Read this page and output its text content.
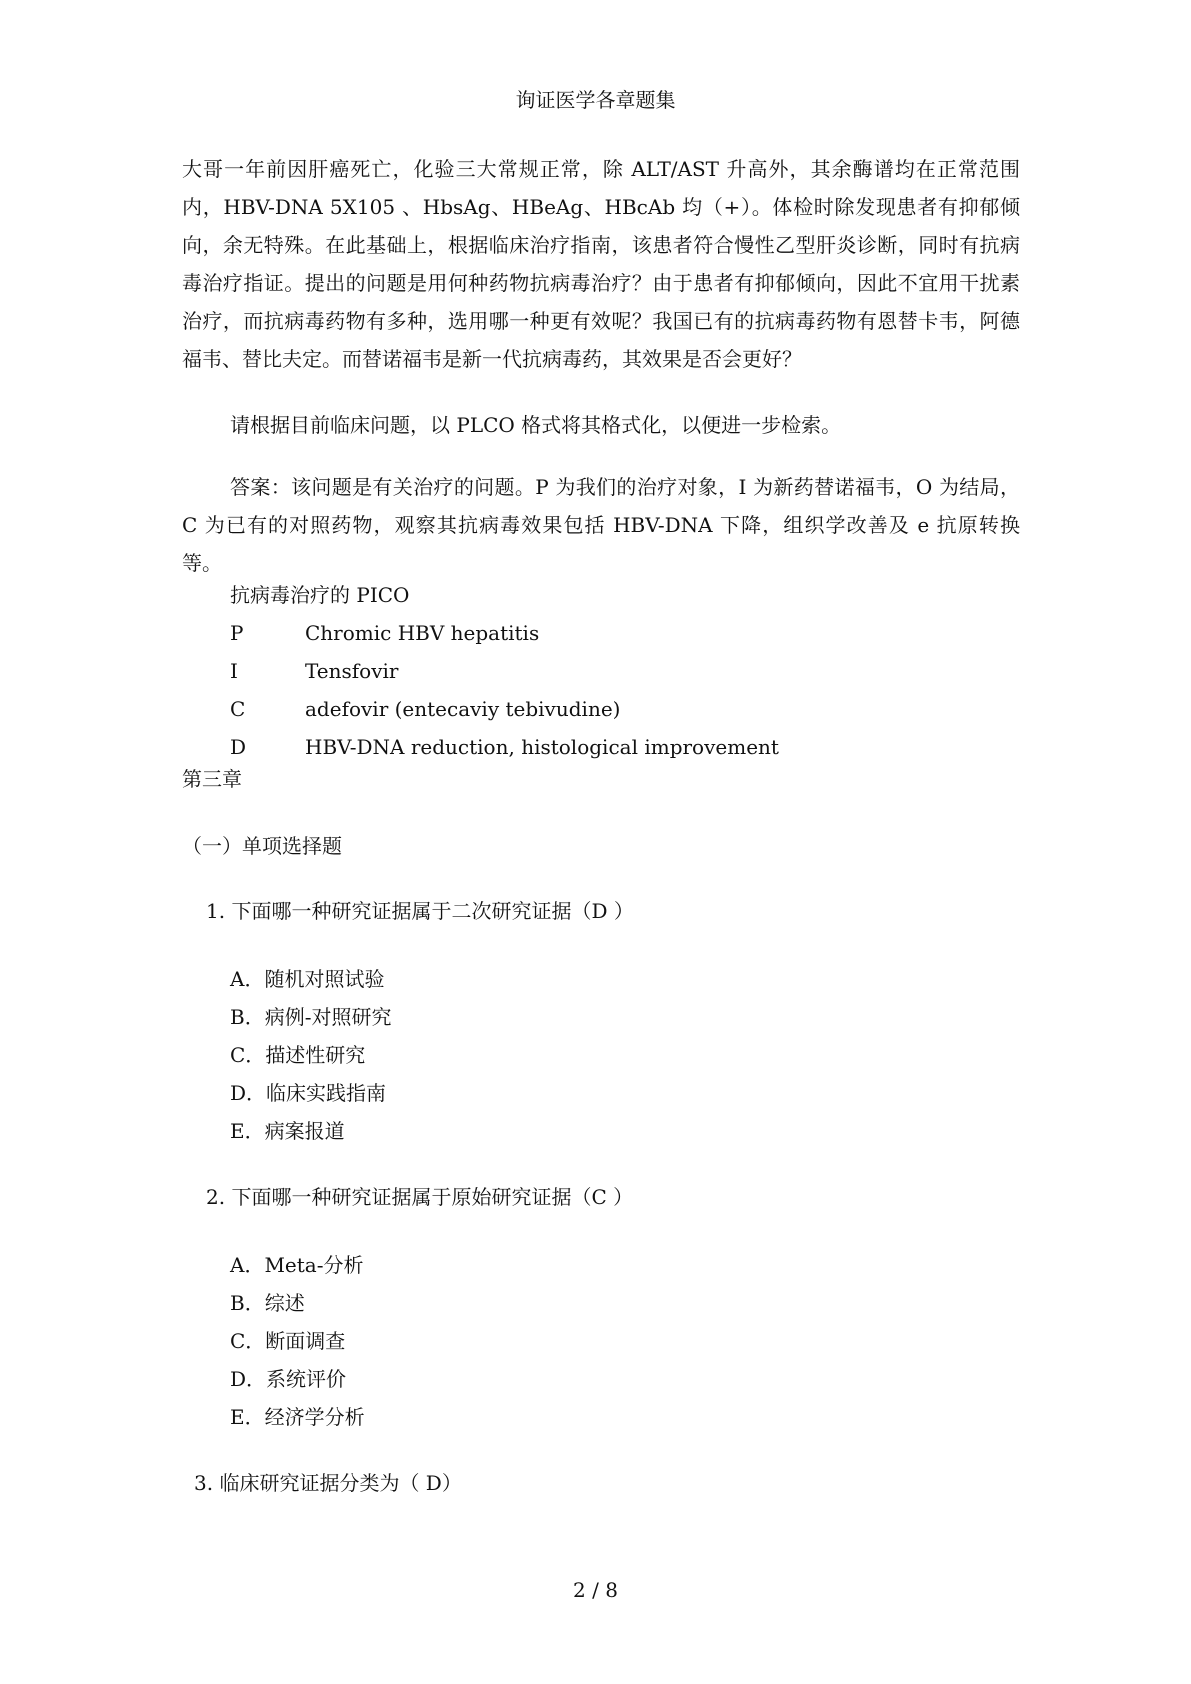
询证医学各章题集
大哥一年前因肝癌死亡，化验三大常规正常，除 ALT/AST 升高外，其余酶谱均在正常范围内，HBV-DNA 5X105 、HbsAg、HBeAg、HBcAb 均（+）。体检时除发现患者有抑郁倾向，余无特殊。在此基础上，根据临床治疗指南，该患者符合慢性乙型肝炎诊断，同时有抗病毒治疗指证。提出的问题是用何种药物抗病毒治疗？由于患者有抑郁倾向，因此不宜用干扰素治疗，而抗病毒药物有多种，选用哪一种更有效呢？我国已有的抗病毒药物有恩替卡韦，阿德福韦、替比夫定。而替诺福韦是新一代抗病毒药，其效果是否会更好？
请根据目前临床问题，以 PLCO 格式将其格式化，以便进一步检索。
答案：该问题是有关治疗的问题。P 为我们的治疗对象，I 为新药替诺福韦，O 为结局，C 为已有的对照药物，观察其抗病毒效果包括 HBV-DNA 下降，组织学改善及 e 抗原转换等。
抗病毒治疗的 PICO
P	Chromic HBV hepatitis
I	Tensfovir
C	adefovir (entecaviy tebivudine)
D	HBV-DNA reduction, histological improvement
第三章
（一）单项选择题
1. 下面哪一种研究证据属于二次研究证据（D ）
A．随机对照试验
B．病例-对照研究
C．描述性研究
D．临床实践指南
E．病案报道
2. 下面哪一种研究证据属于原始研究证据（C ）
A．Meta-分析
B．综述
C．断面调查
D．系统评价
E．经济学分析
3. 临床研究证据分类为（ D）
2 / 8
